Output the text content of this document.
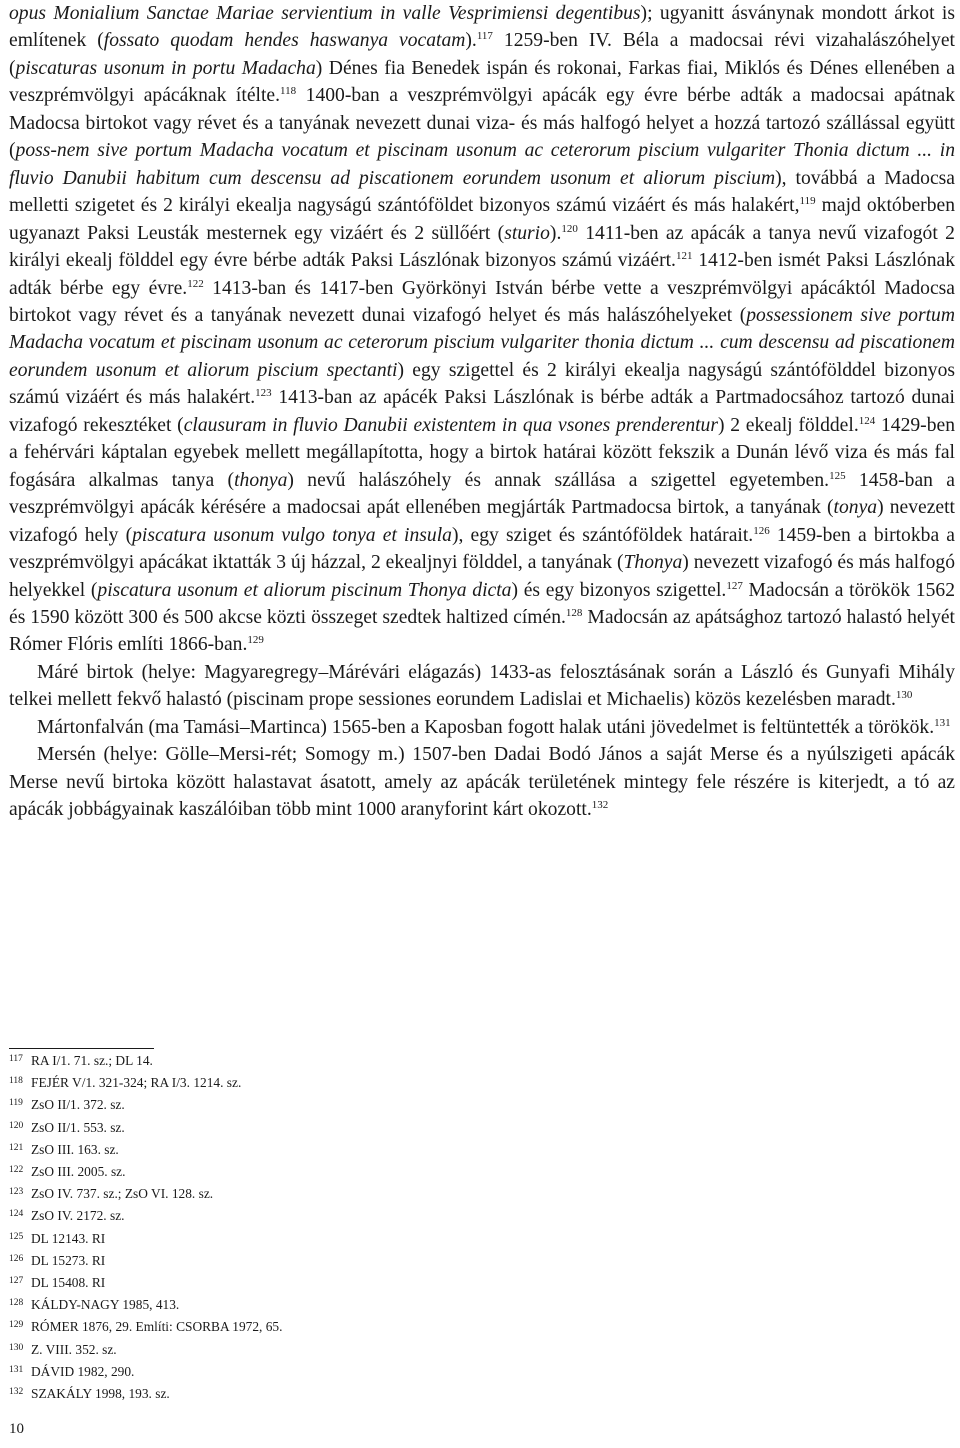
opus Monialium Sanctae Mariae servientium in valle Vesprimiensi degentibus); ugyanitt ásványnak mondott árkot is említenek (fossato quodam hendes haswanya vocatam).$^{117}$ 1259-ben IV. Béla a madocsai révi vizahalászóhelyet (piscaturas usonum in portu Madacha) Dénes fia Benedek ispán és rokonai, Farkas fiai, Miklós és Dénes ellenében a veszprémvölgyi apácáknak ítélte.$^{118}$ 1400-ban a veszprémvölgyi apácák egy évre bérbe adták a madocsai apátnak Madocsa birtokot vagy révet és a tanyának nevezett dunai viza- és más halfogó helyet a hozzá tartozó szállással együtt (poss-nem sive portum Madacha vocatum et piscinam usonum ac ceterorum piscium vulgariter Thonia dictum ... in fluvio Danubii habitum cum descensu ad piscationem eorundem usonum et aliorum piscium), továbbá a Madocsa melletti szigetet és 2 királyi ekealja nagyságú szántóföldet bizonyos számú vizáért és más halakért,$^{119}$ majd októberben ugyanazt Paksi Leusták mesternek egy vizáért és 2 süllőért (sturio).$^{120}$ 1411-ben az apácák a tanya nevű vizafogót 2 királyi ekealj földdel egy évre bérbe adták Paksi Lászlónak bizonyos számú vizáért.$^{121}$ 1412-ben ismét Paksi Lászlónak adták bérbe egy évre.$^{122}$ 1413-ban és 1417-ben Györkönyi István bérbe vette a veszprémvölgyi apácáktól Madocsa birtokot vagy révet és a tanyának nevezett dunai vizafogó helyet és más halászóhelyeket (possessionem sive portum Madacha vocatum et piscinam usonum ac ceterorum piscium vulgariter thonia dictum ... cum descensu ad piscationem eorundem usonum et aliorum piscium spectanti) egy szigettel és 2 királyi ekealja nagyságú szántófölddel bizonyos számú vizáért és más halakért.$^{123}$ 1413-ban az apácék Paksi Lászlónak is bérbe adták a Partmadocsához tartozó dunai vizafogó rekesztéket (clausuram in fluvio Danubii existentem in qua vsones prenderentur) 2 ekealj földdel.$^{124}$ 1429-ben a fehérvári káptalan egyebek mellett megállapította, hogy a birtok határai között fekszik a Dunán lévő viza és más fal fogására alkalmas tanya (thonya) nevű halászóhely és annak szállása a szigettel egyetemben.$^{125}$ 1458-ban a veszprémvölgyi apácák kérésére a madocsai apát ellenében megjárták Partmadocsa birtok, a tanyának (tonya) nevezett vizafogó hely (piscatura usonum vulgo tonya et insula), egy sziget és szántóföldek határait.$^{126}$ 1459-ben a birtokba a veszprémvölgyi apácákat iktatták 3 új házzal, 2 ekealjnyi földdel, a tanyának (Thonya) nevezett vizafogó és más halfogó helyekkel (piscatura usonum et aliorum piscinum Thonya dicta) és egy bizonyos szigettel.$^{127}$ Madocsán a törökök 1562 és 1590 között 300 és 500 akcse közti összeget szedtek haltized címén.$^{128}$ Madocsán az apátsághoz tartozó halastó helyét Rómer Flóris említi 1866-ban.$^{129}$

Máré birtok (helye: Magyaregregy–Márévári elágazás) 1433-as felosztásának során a László és Gunyafi Mihály telkei mellett fekvő halastó (piscinam prope sessiones eorundem Ladislai et Michaelis) közös kezelésben maradt.$^{130}$

Mártonfalván (ma Tamási–Martinca) 1565-ben a Kaposban fogott halak utáni jövedelmet is feltüntették a törökök.$^{131}$

Mersén (helye: Gölle–Mersi-rét; Somogy m.) 1507-ben Dadai Bodó János a saját Merse és a nyúlszigeti apácák Merse nevű birtoka között halastavat ásatott, amely az apácák területének mintegy fele részére is kiterjedt, a tó az apácák jobbágyainak kaszálóiban több mint 1000 aranyforint kárt okozott.$^{132}$

117 RA I/1. 71. sz.; DL 14.
118 FEJÉR V/1. 321-324; RA I/3. 1214. sz.
119 ZsO II/1. 372. sz.
120 ZsO II/1. 553. sz.
121 ZsO III. 163. sz.
122 ZsO III. 2005. sz.
123 ZsO IV. 737. sz.; ZsO VI. 128. sz.
124 ZsO IV. 2172. sz.
125 DL 12143. RI
126 DL 15273. RI
127 DL 15408. RI
128 KÁLDY-NAGY 1985, 413.
129 RÓMER 1876, 29. Említi: CSORBA 1972, 65.
130 Z. VIII. 352. sz.
131 DÁVID 1982, 290.
132 SZAKÁLY 1998, 193. sz.
10
